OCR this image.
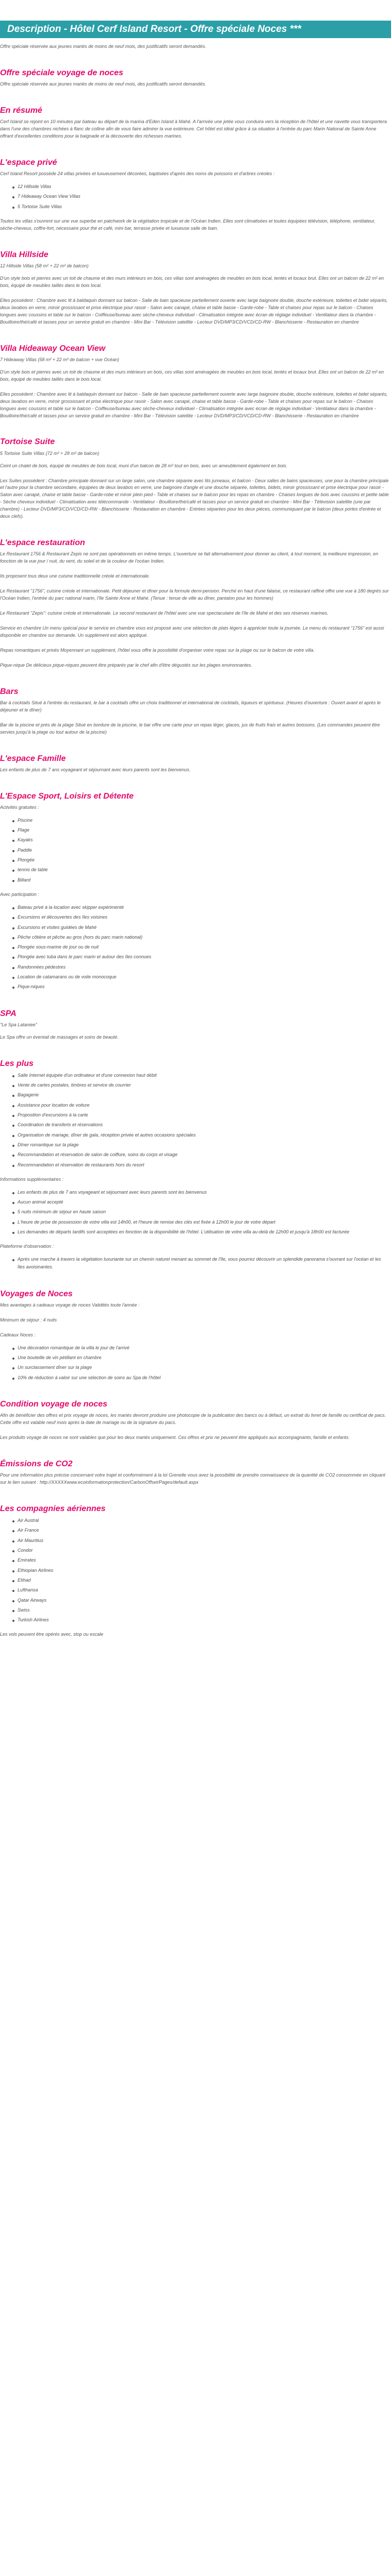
Description - Hôtel Cerf Island Resort - Offre spéciale Noces ***

Offre spéciale réservée aux jeunes mariés de moins de neuf mois, des justificatifs seront demandés.

Offre spéciale voyage de noces

Offre spéciale réservée aux jeunes mariés de moins de neuf mois, des justificatifs seront demandés.

En résumé

Cerf Island se rejoint en 10 minutes par bateau au départ de la marina d'Eden Island à Mahé. A l'arrivée une jetée vous conduira vers la réception de l'hôtel et une navette vous transportera dans l'une des chambres nichées à flanc de colline afin de vous faire admirer la vue extérieure. Cet hôtel est idéal grâce à sa situation à l'entrée du parc Marin National de Sainte Anne offrant d'excellentes conditions pour la baignade et la découverte des richesses marines.

L'espace privé

Cerf Island Resort possède 24 villas privées et luxueusement décorées, baptisées d'après des noms de poissons et d'arbres créoles :

12 Hillside Villas
7 Hideaway Ocean View Villas
5 Tortoise Suite Villas

Toutes les villas s'ouvrent sur une vue superbe en patchwork de la végétation tropicale et de l'Océan Indien. Elles sont climatisées et toutes équipées télévision, téléphone, ventilateur, sèche-cheveux, coffre-fort, nécessaire pour thé et café, mini bar, terrasse privée et luxueuse salle de bain.

Villa Hillside

12 Hillside Villas (58 m² + 22 m² de balcon)

D'un style bois et pierres avec un toit de chaume et des murs intérieurs en bois, ces villas sont aménagées de meubles en bois local, tentés et locaux brut. Elles ont un balcon de 22 m² en bois, équipé de meubles taillés dans le bois local.

Elles possèdent : Chambre avec lit à baldaquin donnant sur balcon - Salle de bain spacieuse partiellement ouverte avec large baignoire double, douche extérieure, toilettes et bidet séparés, deux lavabos en verre, miroir grossissant et prise électrique pour rasoir - Salon avec canapé, chaise et table basse - Garde-robe - Table et chaises pour repas sur le balcon - Chaises longues avec coussins et table sur le balcon - Coiffeuse/bureau avec sèche-cheveux individuel - Climatisation intégrée avec écran de réglage individuel - Ventilateur dans la chambre - Bouilloire/thé/café et tasses pour un service gratuit en chambre - Mini Bar - Télévision satellite - Lecteur DVD/MP3/CD/VCD/CD-RW - Blanchisserie - Restauration en chambre

Villa Hideaway Ocean View

7 Hideaway Villas (58 m² + 22 m² de balcon + vue Océan)

D'un style bois et pierres avec un toit de chaume et des murs intérieurs en bois, ces villas sont aménagées de meubles en bois local, tentés et locaux brut. Elles ont un balcon de 22 m² en bois, équipé de meubles taillés dans le bois local.

Elles possèdent : Chambre avec lit à baldaquin donnant sur balcon - Salle de bain spacieuse partiellement ouverte avec large baignoire double, douche extérieure, toilettes et bidet séparés, deux lavabos en verre, miroir grossissant et prise électrique pour rasoir - Salon avec canapé, chaise et table basse - Garde-robe - Table et chaises pour repas sur le balcon - Chaises longues avec coussins et table sur le balcon - Coiffeuse/bureau avec sèche-cheveux individuel - Climatisation intégrée avec écran de réglage individuel - Ventilateur dans la chambre - Bouilloire/thé/café et tasses pour un service gratuit en chambre - Mini Bar - Télévision satellite - Lecteur DVD/MP3/CD/VCD/CD-RW - Blanchisserie - Restauration en chambre

Tortoise Suite

5 Tortoise Suite Villas (72 m² + 28 m² de balcon)

Ceint un chalet de bois, équipé de meubles de bois local, muni d'un balcon de 28 m² tout en bois, avec un ameublement également en bois.

Les Suites possèdent : Chambre principale donnant sur un large salon, une chambre séparée avec lits jumeaux, et balcon - Deux salles de bains spacieuses, une pour la chambre principale et l'autre pour la chambre secondaire, équipées de deux lavabos en verre, une baignoire d'angle et une douche séparée, toilettes, bidets, miroir grossissant et prise électrique pour rasoir - Salon avec canapé, chaise et table basse - Garde-robe et miroir plein pied - Table et chaises sur le balcon pour les repas en chambre - Chaises longues de bois avec coussins et petite table - Sèche cheveux individuel - Climatisation avec télécommande - Ventilateur - Bouilloire/thé/café et tasses pour un service gratuit en chambre - Mini Bar - Télévision satellite (une par chambre) - Lecteur DVD/MP3/CD/VCD/CD-RW - Blanchisserie - Restauration en chambre - Entrées séparées pour les deux pièces, communiquant par le balcon (deux portes d'entrée et deux clefs).

L'espace restauration

Le Restaurant 1756 & Restaurant Zepis ne sont pas opérationnels en même temps. L'ouverture se fait alternativement pour donner au client, à tout moment, la meilleure impression, en fonction de la vue jour / nuit, du vent, du soleil et de la couleur de l'océan Indien.

Ils proposent tous deux une cuisine traditionnelle créole et internationale.

Le Restaurant "1756", cuisine créole et internationale. Petit déjeuner et dîner pour la formule demi-pension. Perché en haut d'une falaise, ce restaurant raffiné offre une vue à 180 degrés sur l'Océan Indien, l'entrée du parc national marin, l'île Sainte Anne et Mahé. (Tenue : tenue de ville au dîner, pantalon pour les hommes)

Le Restaurant "Zepis": cuisine créole et internationale. Le second restaurant de l'hôtel avec une vue spectaculaire de l'île de Mahé et des ses réserves marines.

Service en chambre Un menu spécial pour le service en chambre vous est proposé avec une sélection de plats légers à apprécier toute la journée. Le menu du restaurant "1756" est aussi disponible en chambre sur demande. Un supplément est alors appliqué.

Repas romantiques et privés Moyennant un supplément, l'hôtel vous offre la possibilité d'organiser votre repas sur la plage ou sur le balcon de votre villa.

Pique-nique De délicieux pique-niques peuvent être préparés par le chef afin d'être dégustés sur les plages environnantes.

Bars

Bar à cocktails Situé à l'entrée du restaurant, le bar à cocktails offre un choix traditionnel et international de cocktails, liqueurs et spiritueux. (Heures d'ouverture : Ouvert avant et après le déjeuner et le dîner)

Bar de la piscine et prés de la plage Situé en bordure de la piscine, le bar offre une carte pour un repas léger, glaces, jus de fruits frais et autres boissons. (Les commandes peuvent être servies jusqu'à la plage ou tout autour de la piscine)

L'espace Famille

Les enfants de plus de 7 ans voyageant et séjournant avec leurs parents sont les bienvenus.

L'Espace Sport, Loisirs et Détente

Activités gratuites :

Piscine
Plage
Kayaks
Paddle
Plongée
tennis de table
Billard

Avec participation :

Bateau privé à la location avec skipper expérimenté
Excursions et découvertes des îles voisines
Excursions et visites guidées de Mahé
Pêche côtière et pêche au gros (hors du parc marin national)
Plongée sous-marine de jour ou de nuit
Plongée avec tuba dans le parc marin et autour des îles connues
Randonnées pédestres
Location de catamarans ou de voile monocoque
Pique-niques
SPA

"Le Spa Lataniee"

Le Spa offre un éventail de massages et soins de beauté.

Les plus
Salle Internet équipée d'un ordinateur et d'une connexion haut débit
Vente de cartes postales, timbres et service de courrier
Bagagerie
Assistance pour location de voiture
Proposition d'excursions à la carte
Coordination de transferts et réservations
Organisation de mariage, dîner de gala, réception privée et autres occasions spéciales
Dîner romantique sur la plage
Recommandation et réservation de salon de coiffure, soins du corps et visage
Recommandation et réservation de restaurants hors du resort

Informations supplémentaires :

Les enfants de plus de 7 ans voyageant et séjournant avec leurs parents sont les bienvenus
Aucun animal accepté
5 nuits minimum de séjour en haute saison
L'heure de prise de possession de votre villa est 14h00, et l'heure de remise des clés est fixée à 12h00 le jour de votre départ
Les demandes de départs tardifs sont acceptées en fonction de la disponibilité de l'hôtel. L'utilisation de votre villa au-delà de 12h00 et jusqu'à 18h00 est facturée

Plateforme d'observation :

Après une marche à travers la végétation luxuriante sur un chemin naturel menant au sommet de l'île, vous pourrez découvrir un splendide panorama s'ouvrant sur l'océan et les îles avoisinantes.
Voyages de Noces

Mes avantages à cadeaux voyage de noces Validités toute l'année :

Minimum de séjour : 4 nuits

Cadeaux Noces :

Une décoration romantique de la villa le jour de l'arrivé
Une bouteille de vin pétillant en chambre
Un surclassement dîner sur la plage
10% de réduction à valoir sur une sélection de soins au Spa de l'hôtel
Condition voyage de noces

Afin de bénéficier des offres et prix voyage de noces, les mariés devront produire une photocopie de la publication des bancs ou à défaut, un extrait du livret de famille ou certificat de pacs. Cette offre est valable neuf mois après la date de mariage ou de la signature du pacs.

Les produits voyage de noces ne sont valables que pour les deux mariés uniquement. Ces offres et prix ne peuvent être appliqués aux accompagnants, famille et enfants.

Émissions de CO2

Pour une information plus précise concernant votre trajet et conformément à la loi Grenelle vous avez la possibilité de prendre connaissance de la quantité de CO2 consommée en cliquant sur le lien suivant : http://XXXXXwww.ecoinformationprotection/CarbonOffset/Pages/default.aspx

Les compagnies aériennes
Air Austral
Air France
Air Mauritius
Condor
Emirates
Ethiopian Airlines
Etihad
Lufthansa
Qatar Airways
Swiss
Turkish Airlines

Les vols peuvent être opérés avec, stop ou escale
